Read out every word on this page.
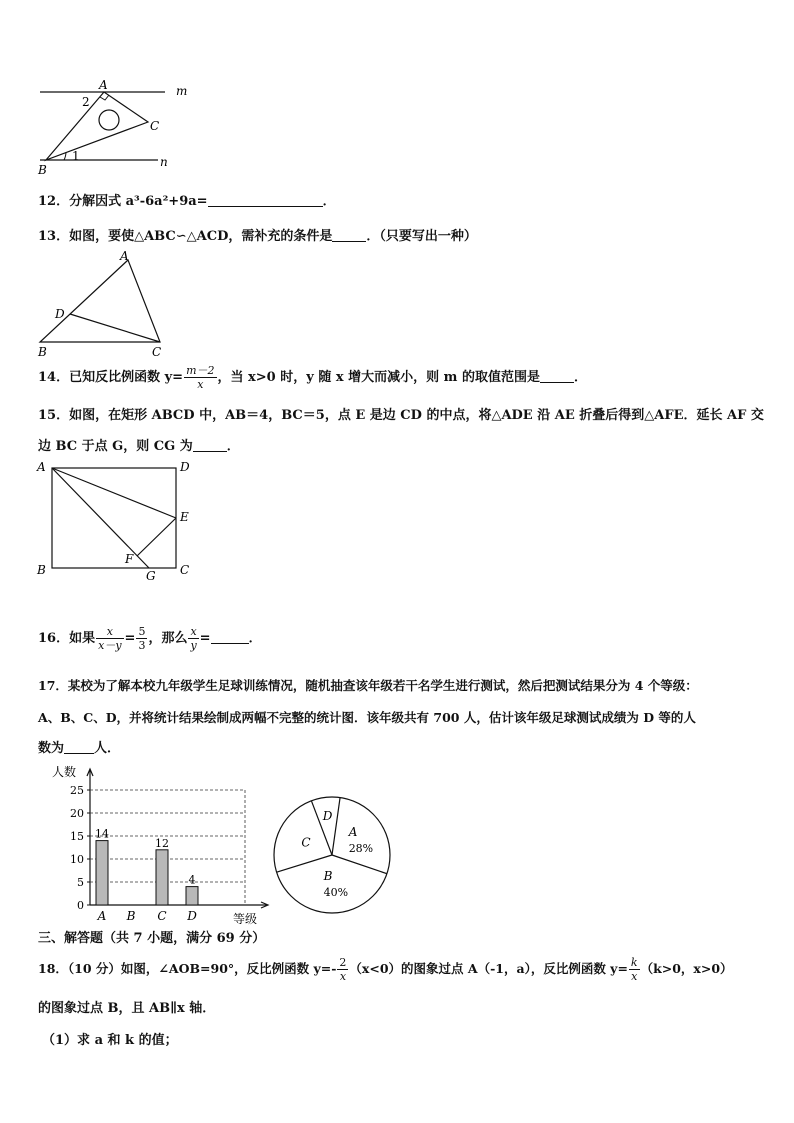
A	m
2
C
1	n
B
12．分解因式 a³-6a²+9a=	．
13．如图，要使△ABC∽△ACD，需补充的条件是	．（只要写出一种）
A
D
B	C
14．已知反比例函数 $y= \frac{m-2}{x}$ ，当 x>0 时，y 随 x 增大而减小，则 m 的取值范围是	．
15．如图，在矩形 ABCD 中，AB＝4，BC＝5，点 E 是边 CD 的中点，将△ADE 沿 AE 折叠后得到△AFE．延长 AF 交
边 BC 于点 G，则 CG 为	．
A	D
E
F
B	G C
16．如果 $\frac{x}{x-y} = \frac{5}{3}$ ，那么 $\frac{x}{y}$ =	．
17．某校为了解本校九年级学生足球训练情况，随机抽查该年级若干名学生进行测试，然后把测试结果分为 4 个等级：
A、B、C、D，并将统计结果绘制成两幅不完整的统计图．该年级共有 700 人，估计该年级足球测试成绩为 D 等的人
数为 人．
人数
等级
0
5
10
15
20
25
14
A B
12
C
4
D
A
28%
B
40%
C
D
三、解答题（共 7 小题，满分 69 分）
18．（10 分）如图，∠AOB=90°，反比例函数 $y=- \frac{2}{x} (x<0)$的图象过点 A（-1，a），反比例函数 $y= \frac{k}{x} (k>0$，x>0）
的图象过点 B，且 AB∥x 轴．
（1）求 a 和 k 的值；
